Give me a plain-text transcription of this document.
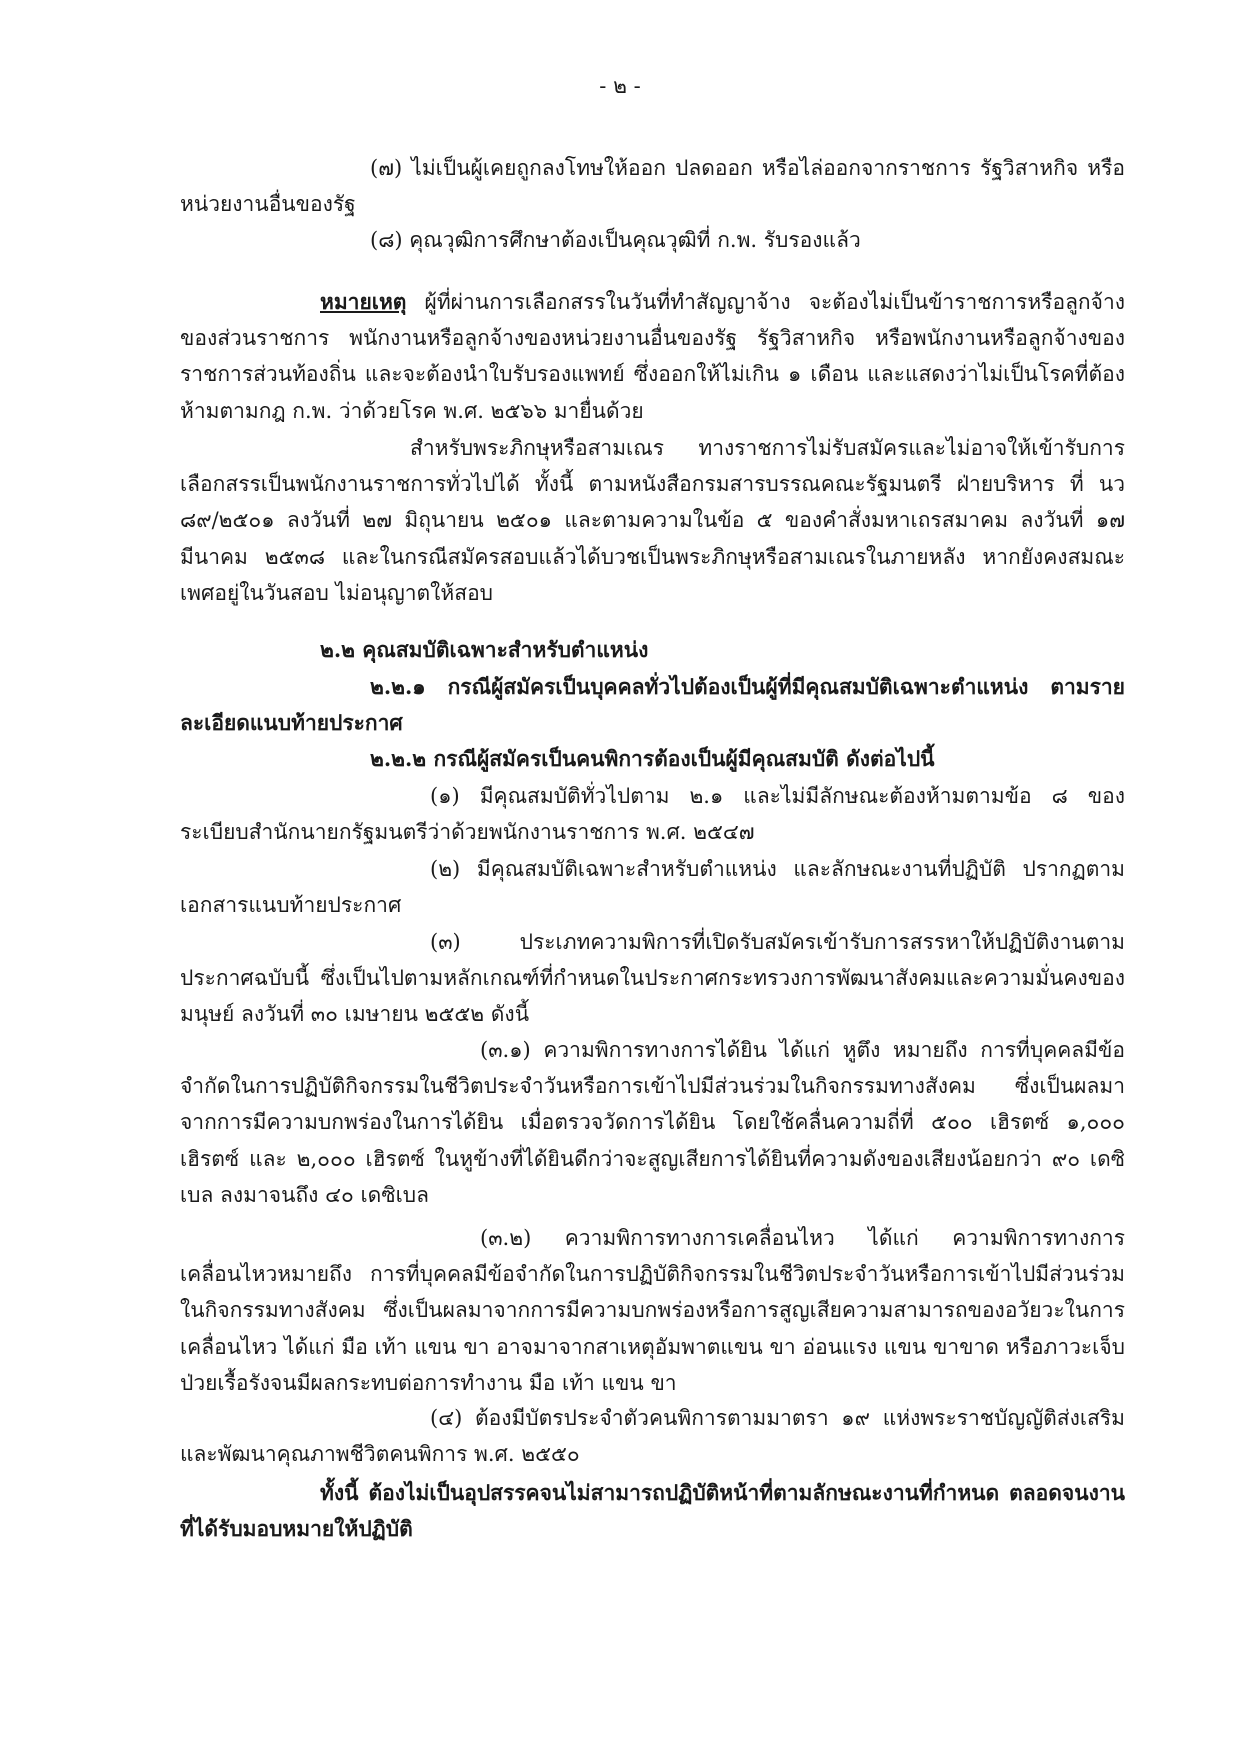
- ๒ -

(๗) ไม่เป็นผู้เคยถูกลงโทษให้ออก ปลดออก หรือไล่ออกจากราชการ รัฐวิสาหกิจ หรือหน่วยงานอื่นของรัฐ

(๘) คุณวุฒิการศึกษาต้องเป็นคุณวุฒิที่ ก.พ. รับรองแล้ว

หมายเหตุ ผู้ที่ผ่านการเลือกสรรในวันที่ทำสัญญาจ้าง จะต้องไม่เป็นข้าราชการหรือลูกจ้างของส่วนราชการ พนักงานหรือลูกจ้างของหน่วยงานอื่นของรัฐ รัฐวิสาหกิจ หรือพนักงานหรือลูกจ้างของราชการส่วนท้องถิ่น และจะต้องนำใบรับรองแพทย์ ซึ่งออกให้ไม่เกิน ๑ เดือน และแสดงว่าไม่เป็นโรคที่ต้องห้ามตามกฎ ก.พ. ว่าด้วยโรค พ.ศ. ๒๕๖๖ มายื่นด้วย

สำหรับพระภิกษุหรือสามเณร ทางราชการไม่รับสมัครและไม่อาจให้เข้ารับการเลือกสรรเป็นพนักงานราชการทั่วไปได้ ทั้งนี้ ตามหนังสือกรมสารบรรณคณะรัฐมนตรี ฝ่ายบริหาร ที่ นว ๘๙/๒๕๐๑ ลงวันที่ ๒๗ มิถุนายน ๒๕๐๑ และตามความในข้อ ๕ ของคำสั่งมหาเถรสมาคม ลงวันที่ ๑๗ มีนาคม ๒๕๓๘ และในกรณีสมัครสอบแล้วได้บวชเป็นพระภิกษุหรือสามเณรในภายหลัง หากยังคงสมณะเพศอยู่ในวันสอบ ไม่อนุญาตให้สอบ

๒.๒ คุณสมบัติเฉพาะสำหรับตำแหน่ง

๒.๒.๑ กรณีผู้สมัครเป็นบุคคลทั่วไปต้องเป็นผู้ที่มีคุณสมบัติเฉพาะตำแหน่ง ตามรายละเอียดแนบท้ายประกาศ

๒.๒.๒ กรณีผู้สมัครเป็นคนพิการต้องเป็นผู้มีคุณสมบัติ ดังต่อไปนี้

(๑) มีคุณสมบัติทั่วไปตาม ๒.๑ และไม่มีลักษณะต้องห้ามตามข้อ ๘ ของระเบียบสำนักนายกรัฐมนตรีว่าด้วยพนักงานราชการ พ.ศ. ๒๕๔๗

(๒) มีคุณสมบัติเฉพาะสำหรับตำแหน่ง และลักษณะงานที่ปฏิบัติ ปรากฏตามเอกสารแนบท้ายประกาศ

(๓) ประเภทความพิการที่เปิดรับสมัครเข้ารับการสรรหาให้ปฏิบัติงานตามประกาศฉบับนี้ ซึ่งเป็นไปตามหลักเกณฑ์ที่กำหนดในประกาศกระทรวงการพัฒนาสังคมและความมั่นคงของมนุษย์ ลงวันที่ ๓๐ เมษายน ๒๕๕๒ ดังนี้

(๓.๑) ความพิการทางการได้ยิน ได้แก่ หูตึง หมายถึง การที่บุคคลมีข้อจำกัดในการปฏิบัติกิจกรรมในชีวิตประจำวันหรือการเข้าไปมีส่วนร่วมในกิจกรรมทางสังคม ซึ่งเป็นผลมาจากการมีความบกพร่องในการได้ยิน เมื่อตรวจวัดการได้ยิน โดยใช้คลื่นความถี่ที่ ๕๐๐ เฮิรตซ์ ๑,๐๐๐ เฮิรตซ์ และ ๒,๐๐๐ เฮิรตซ์ ในหูข้างที่ได้ยินดีกว่าจะสูญเสียการได้ยินที่ความดังของเสียงน้อยกว่า ๙๐ เดซิเบล ลงมาจนถึง ๔๐ เดซิเบล

(๓.๒) ความพิการทางการเคลื่อนไหว ได้แก่ ความพิการทางการเคลื่อนไหวหมายถึง การที่บุคคลมีข้อจำกัดในการปฏิบัติกิจกรรมในชีวิตประจำวันหรือการเข้าไปมีส่วนร่วมในกิจกรรมทางสังคม ซึ่งเป็นผลมาจากการมีความบกพร่องหรือการสูญเสียความสามารถของอวัยวะในการเคลื่อนไหว ได้แก่ มือ เท้า แขน ขา อาจมาจากสาเหตุอัมพาตแขน ขา อ่อนแรง แขน ขาขาด หรือภาวะเจ็บป่วยเรื้อรังจนมีผลกระทบต่อการทำงาน มือ เท้า แขน ขา

(๔) ต้องมีบัตรประจำตัวคนพิการตามมาตรา ๑๙ แห่งพระราชบัญญัติส่งเสริมและพัฒนาคุณภาพชีวิตคนพิการ พ.ศ. ๒๕๕๐

ทั้งนี้ ต้องไม่เป็นอุปสรรคจนไม่สามารถปฏิบัติหน้าที่ตามลักษณะงานที่กำหนด ตลอดจนงานที่ได้รับมอบหมายให้ปฏิบัติ
